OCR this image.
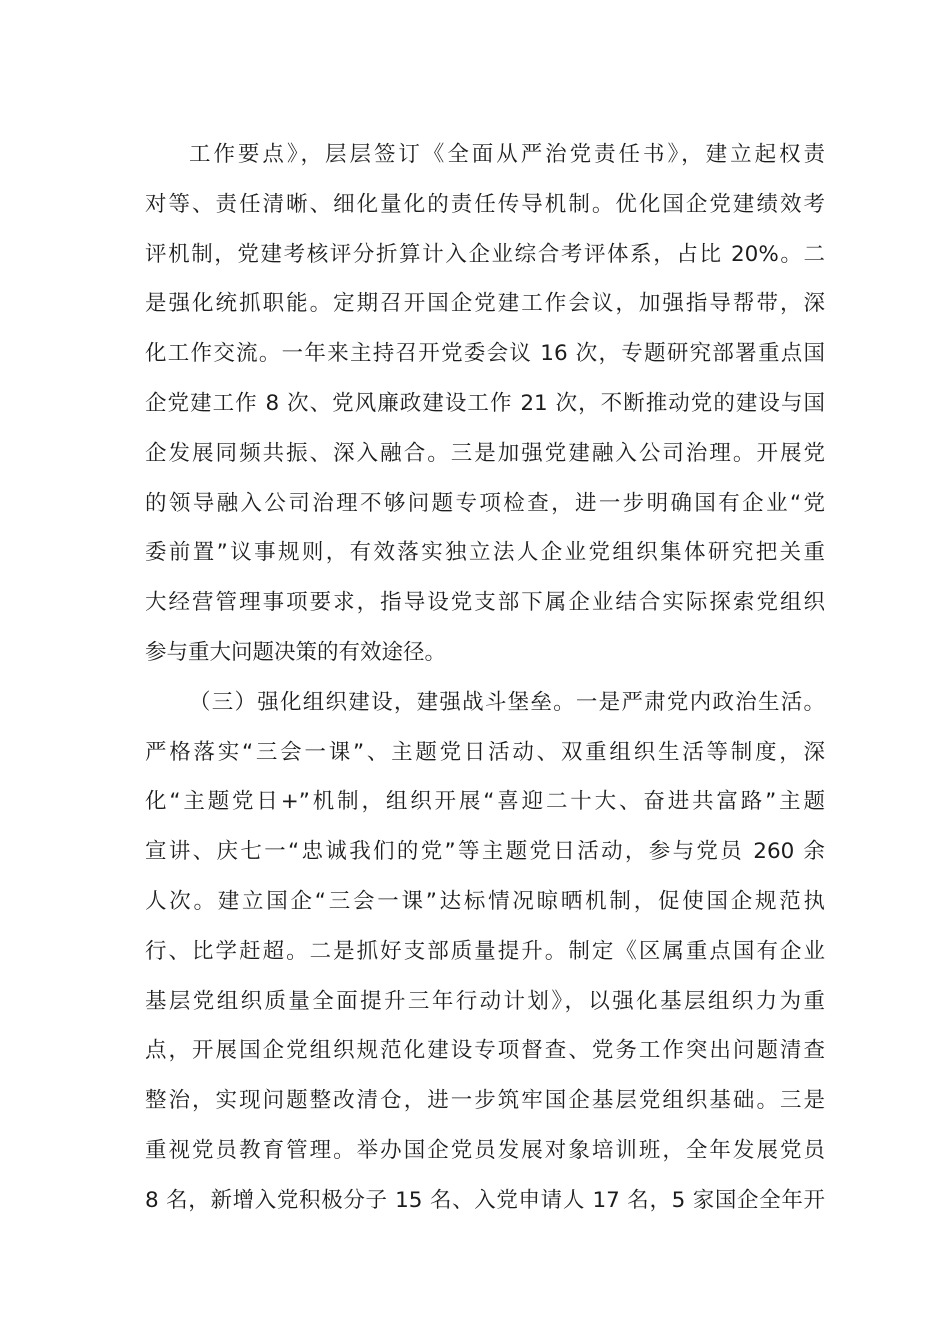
工作要点》，层层签订《全面从严治党责任书》，建立起权责
对等、责任清晰、细化量化的责任传导机制。优化国企党建绩效考
评机制，党建考核评分折算计入企业综合考评体系，占比 20%。二
是强化统抓职能。定期召开国企党建工作会议，加强指导帮带，深
化工作交流。一年来主持召开党委会议 16 次，专题研究部署重点国
企党建工作 8 次、党风廉政建设工作 21 次，不断推动党的建设与国
企发展同频共振、深入融合。三是加强党建融入公司治理。开展党
的领导融入公司治理不够问题专项检查，进一步明确国有企业“党
委前置”议事规则，有效落实独立法人企业党组织集体研究把关重
大经营管理事项要求，指导设党支部下属企业结合实际探索党组织
参与重大问题决策的有效途径。
（三）强化组织建设，建强战斗堡垒。一是严肃党内政治生活。
严格落实“三会一课”、主题党日活动、双重组织生活等制度，深
化“主题党日+”机制，组织开展“喜迎二十大、奋进共富路”主题
宣讲、庆七一“忠诚我们的党”等主题党日活动，参与党员 260 余
人次。建立国企“三会一课”达标情况晾晒机制，促使国企规范执
行、比学赶超。二是抓好支部质量提升。制定《区属重点国有企业
基层党组织质量全面提升三年行动计划》，以强化基层组织力为重
点，开展国企党组织规范化建设专项督查、党务工作突出问题清查
整治，实现问题整改清仓，进一步筑牢国企基层党组织基础。三是
重视党员教育管理。举办国企党员发展对象培训班，全年发展党员
8 名，新增入党积极分子 15 名、入党申请人 17 名，5 家国企全年开
